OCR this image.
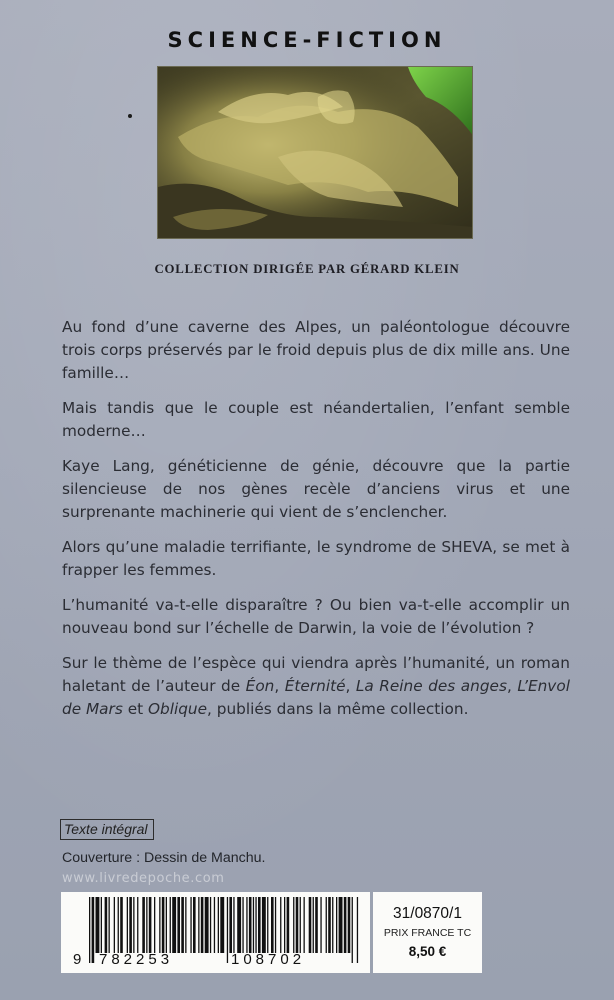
SCIENCE-FICTION
COLLECTION DIRIGÉE PAR GÉRARD KLEIN

Au fond d’une caverne des Alpes, un paléontologue découvre trois corps préservés par le froid depuis plus de dix mille ans. Une famille…

Mais tandis que le couple est néandertalien, l’enfant semble moderne…

Kaye Lang, généticienne de génie, découvre que la partie silencieuse de nos gènes recèle d’anciens virus et une surprenante machinerie qui vient de s’enclencher.

Alors qu’une maladie terrifiante, le syndrome de SHEVA, se met à frapper les femmes.

L’humanité va-t-elle disparaître ? Ou bien va-t-elle accomplir un nouveau bond sur l’échelle de Darwin, la voie de l’évolution ?

Sur le thème de l’espèce qui viendra après l’humanité, un roman haletant de l’auteur de Éon, Éternité, La Reine des anges, L’Envol de Mars et Oblique, publiés dans la même collection.

Texte intégral
Couverture : Dessin de Manchu.
www.livredepoche.com
9 782253	108702
31/0870/1
PRIX FRANCE TC
8,50 €
